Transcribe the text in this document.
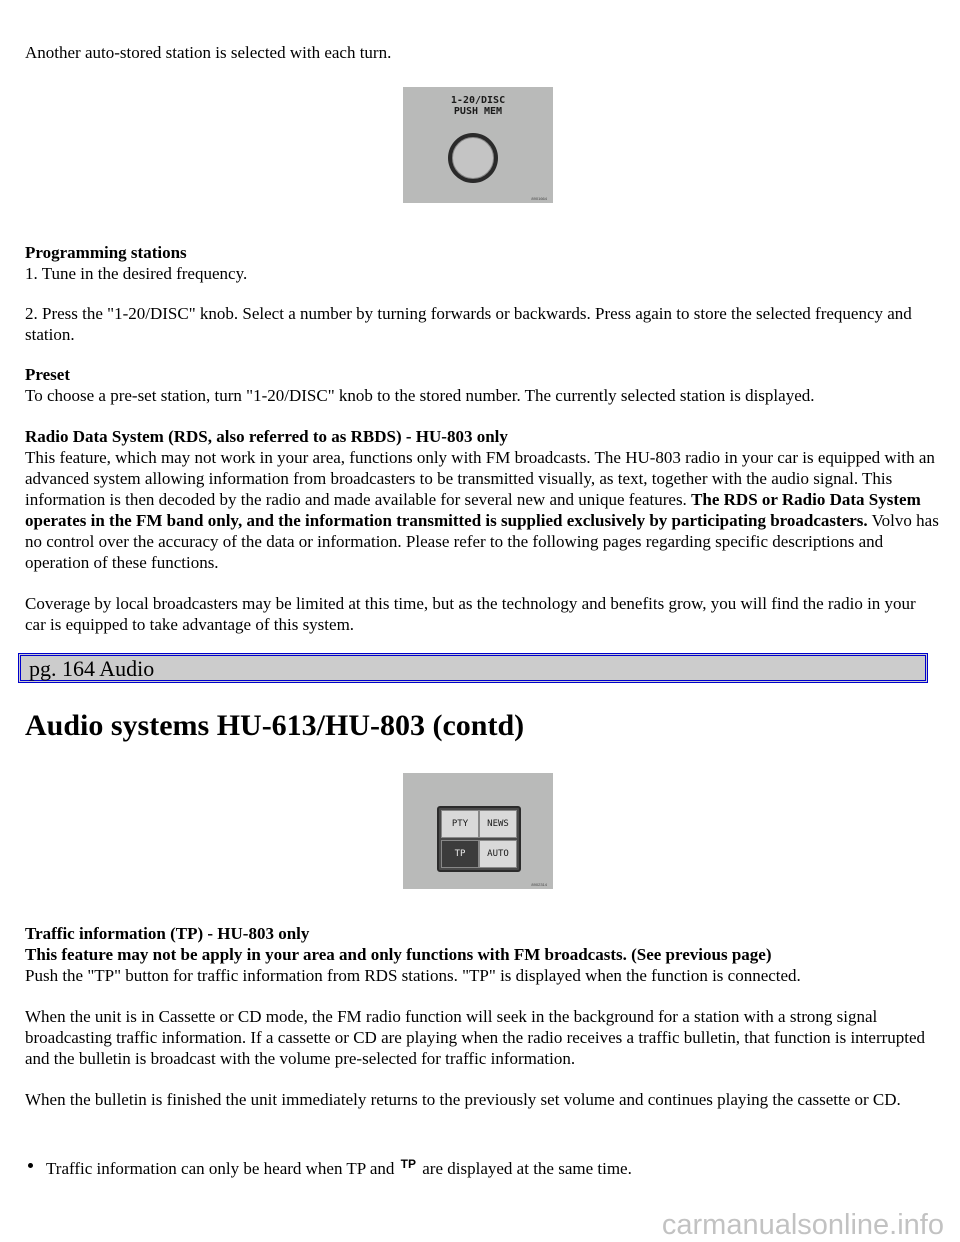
Another auto-stored station is selected with each turn.

1-20/DISC
PUSH MEM
8901664

Programming stations

1. Tune in the desired frequency.

2. Press the "1-20/DISC" knob. Select a number by turning forwards or backwards. Press again to store the selected frequency and station.

Preset

To choose a pre-set station, turn "1-20/DISC" knob to the stored number. The currently selected station is displayed.

Radio Data System (RDS, also referred to as RBDS) - HU-803 only

This feature, which may not work in your area, functions only with FM broadcasts. The HU-803 radio in your car is equipped with an advanced system allowing information from broadcasters to be transmitted visually, as text, together with the audio signal. This information is then decoded by the radio and made available for several new and unique features. The RDS or Radio Data System operates in the FM band only, and the information transmitted is supplied exclusively by participating broadcasters. Volvo has no control over the accuracy of the data or information. Please refer to the following pages regarding specific descriptions and operation of these functions.

Coverage by local broadcasters may be limited at this time, but as the technology and benefits grow, you will find the radio in your car is equipped to take advantage of this system.

pg. 164 Audio
Audio systems HU-613/HU-803 (contd)
PTY	NEWS
TP	AUTO
8902314

Traffic information (TP) - HU-803 only

This feature may not be apply in your area and only functions with FM broadcasts. (See previous page)

Push the "TP" button for traffic information from RDS stations. "TP" is displayed when the function is connected.

When the unit is in Cassette or CD mode, the FM radio function will seek in the background for a station with a strong signal broadcasting traffic information. If a cassette or CD are playing when the radio receives a traffic bulletin, that function is interrupted and the bulletin is broadcast with the volume pre-selected for traffic information.

When the bulletin is finished the unit immediately returns to the previously set volume and continues playing the cassette or CD.

Traffic information can only be heard when TP and TP are displayed at the same time.

carmanualsonline.info
